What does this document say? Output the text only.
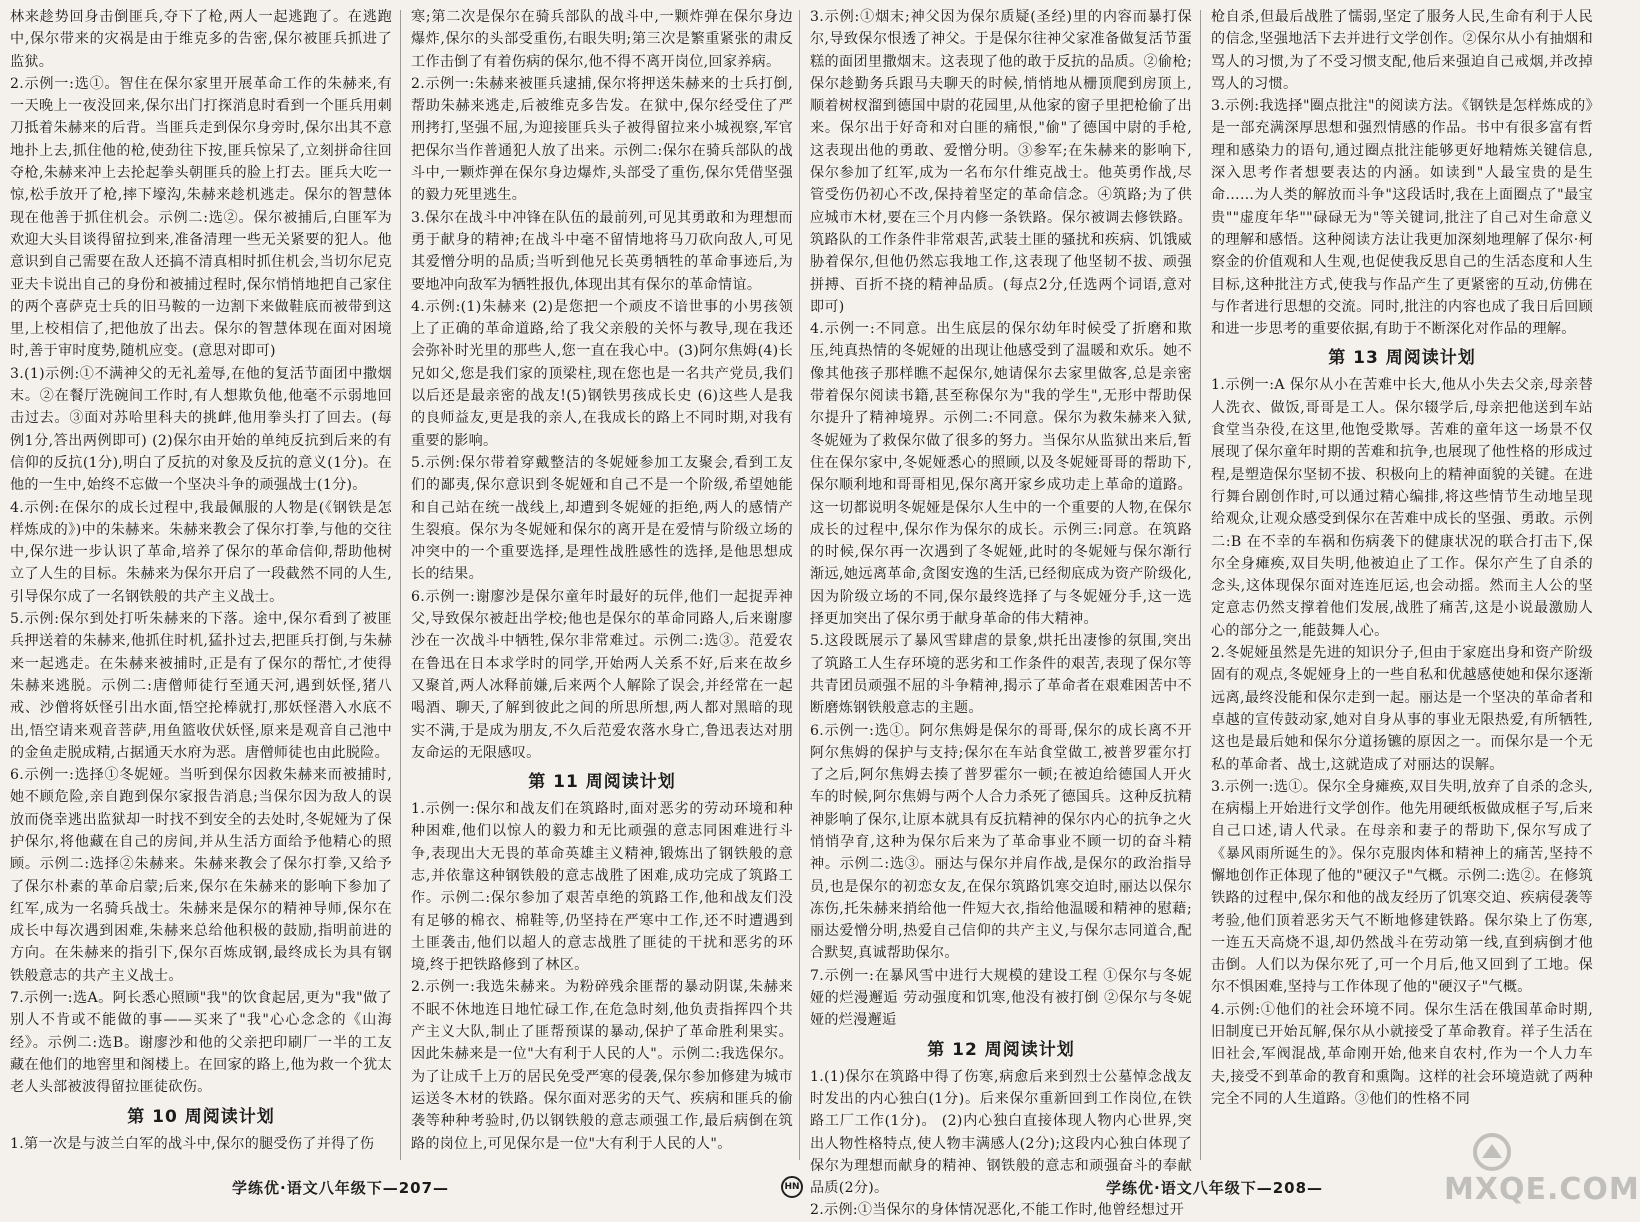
林来趁势回身击倒匪兵,夺下了枪,两人一起逃跑了。在逃跑中,保尔带来的灾祸是由于维克多的告密,保尔被匪兵抓进了监狱。

2.示例一:选①。智住在保尔家里开展革命工作的朱赫来,有一天晚上一夜没回来,保尔出门打探消息时看到一个匪兵用刺刀抵着朱赫来的后背。当匪兵走到保尔身旁时,保尔出其不意地扑上去,抓住他的枪,使劲往下按,匪兵惊呆了,立刻拼命往回夺枪,朱赫来冲上去抡起拳头朝匪兵的脸上打去。匪兵大吃一惊,松手放开了枪,摔下壕沟,朱赫来趁机逃走。保尔的智慧体现在他善于抓住机会。示例二:选②。保尔被捕后,白匪军为欢迎大头目谈得留拉到来,准备清理一些无关紧要的犯人。他意识到自己需要在敌人还搞不清真相时抓住机会,当切尔尼克亚夫卡说出自己的身份和被捕过程时,保尔悄悄地把自己家住的两个喜萨克士兵的旧马鞍的一边割下来做鞋底而被带到这里,上校相信了,把他放了出去。保尔的智慧体现在面对困境时,善于审时度势,随机应变。(意思对即可)

3.(1)示例:①不满神父的无礼羞辱,在他的复活节面团中撒烟末。②在餐厅洗碗间工作时,有人想欺负他,他毫不示弱地回击过去。③面对苏哈里科夫的挑衅,他用拳头打了回去。(每例1分,答出两例即可) (2)保尔由开始的单纯反抗到后来的有信仰的反抗(1分),明白了反抗的对象及反抗的意义(1分)。在他的一生中,始终不忘做一个坚决斗争的顽强战士(1分)。

4.示例:在保尔的成长过程中,我最佩服的人物是(《钢铁是怎样炼成的》)中的朱赫来。朱赫来教会了保尔打拳,与他的交往中,保尔进一步认识了革命,培养了保尔的革命信仰,帮助他树立了人生的目标。朱赫来为保尔开启了一段截然不同的人生,引导保尔成了一名钢铁般的共产主义战士。

5.示例:保尔到处打听朱赫来的下落。途中,保尔看到了被匪兵押送着的朱赫来,他抓住时机,猛扑过去,把匪兵打倒,与朱赫来一起逃走。在朱赫来被捕时,正是有了保尔的帮忙,才使得朱赫来逃脱。示例二:唐僧师徒行至通天河,遇到妖怪,猪八戒、沙僧将妖怪引出水面,悟空抡棒就打,那妖怪潜入水底不出,悟空请来观音菩萨,用鱼篮收伏妖怪,原来是观音自己池中的金鱼走脱成精,占据通天水府为恶。唐僧师徒也由此脱险。

6.示例一:选择①冬妮娅。当听到保尔因救朱赫来而被捕时,她不顾危险,亲自跑到保尔家报告消息;当保尔因为敌人的误放而侥幸逃出监狱却一时找不到安全的去处时,冬妮娅为了保护保尔,将他藏在自己的房间,并从生活方面给予他精心的照顾。示例二:选择②朱赫来。朱赫来教会了保尔打拳,又给予了保尔朴素的革命启蒙;后来,保尔在朱赫来的影响下参加了红军,成为一名骑兵战士。朱赫来是保尔的精神导师,保尔在成长中每次遇到困难,朱赫来总给他积极的鼓励,指明前进的方向。在朱赫来的指引下,保尔百炼成钢,最终成长为具有钢铁般意志的共产主义战士。

7.示例一:选A。阿长悉心照顾"我"的饮食起居,更为"我"做了别人不肯或不能做的事——买来了"我"心心念念的《山海经》。示例二:选B。谢廖沙和他的父亲把印刷厂一半的工友藏在他们的地窖里和阁楼上。在回家的路上,他为救一个犹太老人头部被波得留拉匪徒砍伤。

第 10 周阅读计划

1.第一次是与波兰白军的战斗中,保尔的腿受伤了并得了伤

寒;第二次是保尔在骑兵部队的战斗中,一颗炸弹在保尔身边爆炸,保尔的头部受重伤,右眼失明;第三次是繁重紧张的肃反工作击倒了有着伤病的保尔,他不得不离开岗位,回家养病。

2.示例一:朱赫来被匪兵逮捕,保尔将押送朱赫来的士兵打倒,帮助朱赫来逃走,后被维克多告发。在狱中,保尔经受住了严刑拷打,坚强不屈,为迎接匪兵头子被得留拉来小城视察,军官把保尔当作普通犯人放了出来。示例二:保尔在骑兵部队的战斗中,一颗炸弹在保尔身边爆炸,头部受了重伤,保尔凭借坚强的毅力死里逃生。

3.保尔在战斗中冲锋在队伍的最前列,可见其勇敢和为理想而勇于献身的精神;在战斗中毫不留情地将马刀砍向敌人,可见其爱憎分明的品质;当听到他兄长英勇牺牲的革命事迹后,为要地冲向敌军为牺牲报仇,体现出其有保尔的革命情谊。

4.示例:(1)朱赫来 (2)是您把一个顽皮不谙世事的小男孩领上了正确的革命道路,给了我父亲般的关怀与教导,现在我还会弥补时光里的那些人,您一直在我心中。(3)阿尔焦姆(4)长兄如父,您是我们家的顶梁柱,现在您也是一名共产党员,我们以后还是最亲密的战友!(5)钢铁男孩成长史 (6)这些人是我的良师益友,更是我的亲人,在我成长的路上不同时期,对我有重要的影响。

5.示例:保尔带着穿戴整洁的冬妮娅参加工友聚会,看到工友们的鄙夷,保尔意识到冬妮娅和自己不是一个阶级,希望她能和自己站在统一战线上,却遭到冬妮娅的拒绝,两人的感情产生裂痕。保尔为冬妮娅和保尔的离开是在爱情与阶级立场的冲突中的一个重要选择,是理性战胜感性的选择,是他思想成长的结果。

6.示例一:谢廖沙是保尔童年时最好的玩伴,他们一起捉弄神父,导致保尔被赶出学校;他也是保尔的革命同路人,后来谢廖沙在一次战斗中牺牲,保尔非常难过。示例二:选③。范爱农在鲁迅在日本求学时的同学,开始两人关系不好,后来在故乡又聚首,两人冰释前嫌,后来两个人解除了误会,并经常在一起喝酒、聊天,了解到彼此之间的所思所想,两人都对黑暗的现实不满,于是成为朋友,不久后范爱农落水身亡,鲁迅表达对朋友命运的无限感叹。

第 11 周阅读计划

1.示例一:保尔和战友们在筑路时,面对恶劣的劳动环境和种种困难,他们以惊人的毅力和无比顽强的意志同困难进行斗争,表现出大无畏的革命英雄主义精神,锻炼出了钢铁般的意志,并依靠这种钢铁般的意志战胜了困难,成功完成了筑路工作。示例二:保尔参加了艰苦卓绝的筑路工作,他和战友们没有足够的棉衣、棉鞋等,仍坚持在严寒中工作,还不时遭遇到土匪袭击,他们以超人的意志战胜了匪徒的干扰和恶劣的环境,终于把铁路修到了林区。

2.示例一:我选朱赫来。为粉碎残余匪帮的暴动阴谋,朱赫来不眠不休地连日地忙碌工作,在危急时刻,他负责指挥四个共产主义大队,制止了匪帮预谋的暴动,保护了革命胜利果实。因此朱赫来是一位"大有利于人民的人"。示例二:我选保尔。为了让成千上万的居民免受严寒的侵袭,保尔参加修建为城市运送冬木材的铁路。保尔面对恶劣的天气、疾病和匪兵的偷袭等种种考验时,仍以钢铁般的意志顽强工作,最后病倒在筑路的岗位上,可见保尔是一位"大有利于人民的人"。

3.示例:①烟末;神父因为保尔质疑(圣经)里的内容而暴打保尔,导致保尔恨透了神父。于是保尔往神父家准备做复活节蛋糕的面团里撒烟末。这表现了他的敢于反抗的品质。②偷枪;保尔趁勤务兵跟马夫聊天的时候,悄悄地从栅顶爬到房顶上,顺着树杈溜到德国中尉的花园里,从他家的窗子里把枪偷了出来。保尔出于好奇和对白匪的痛恨,"偷"了德国中尉的手枪,这表现出他的勇敢、爱憎分明。③参军;在朱赫来的影响下,保尔参加了红军,成为一名布尔什维克战士。他英勇作战,尽管受伤仍初心不改,保持着坚定的革命信念。④筑路;为了供应城市木材,要在三个月内修一条铁路。保尔被调去修铁路。筑路队的工作条件非常艰苦,武装土匪的骚扰和疾病、饥饿威胁着保尔,但他仍然忘我地工作,这表现了他坚韧不拔、顽强拼搏、百折不挠的精神品质。(每点2分,任选两个词语,意对即可)

4.示例一:不同意。出生底层的保尔幼年时候受了折磨和欺压,纯真热情的冬妮娅的出现让他感受到了温暖和欢乐。她不像其他孩子那样瞧不起保尔,她请保尔去家里做客,总是亲密带着保尔阅读书籍,甚至称保尔为"我的学生",无形中帮助保尔提升了精神境界。示例二:不同意。保尔为救朱赫来入狱,冬妮娅为了救保尔做了很多的努力。当保尔从监狱出来后,暂住在保尔家中,冬妮娅悉心的照顾,以及冬妮娅哥哥的帮助下,保尔顺利地和哥哥相见,保尔离开家乡成功走上革命的道路。这一切都说明冬妮娅是保尔人生中的一个重要的人物,在保尔成长的过程中,保尔作为保尔的成长。示例三:同意。在筑路的时候,保尔再一次遇到了冬妮娅,此时的冬妮娅与保尔渐行渐远,她远离革命,贪图安逸的生活,已经彻底成为资产阶级化,因为阶级立场的不同,保尔最终选择了与冬妮娅分手,这一选择更加突出了保尔勇于献身革命的伟大精神。

5.这段既展示了暴风雪肆虐的景象,烘托出凄惨的氛围,突出了筑路工人生存环境的恶劣和工作条件的艰苦,表现了保尔等共青团员顽强不屈的斗争精神,揭示了革命者在艰难困苦中不断磨炼钢铁般意志的主题。

6.示例一:选①。阿尔焦姆是保尔的哥哥,保尔的成长离不开阿尔焦姆的保护与支持;保尔在车站食堂做工,被普罗霍尔打了之后,阿尔焦姆去揍了普罗霍尔一顿;在被迫给德国人开火车的时候,阿尔焦姆与两个人合力杀死了德国兵。这种反抗精神影响了保尔,让原本就具有反抗精神的保尔内心的抗争之火悄悄孕育,这种为保尔后来为了革命事业不顾一切的奋斗精神。示例二:选③。丽达与保尔并肩作战,是保尔的政治指导员,也是保尔的初恋女友,在保尔筑路饥寒交迫时,丽达以保尔冻伤,托朱赫来捎给他一件短大衣,指给他温暖和精神的慰藉;丽达爱憎分明,热爱自己信仰的共产主义,与保尔志同道合,配合默契,真诚帮助保尔。

7.示例一:在暴风雪中进行大规模的建设工程 ①保尔与冬妮娅的烂漫邂逅 劳动强度和饥寒,他没有被打倒 ②保尔与冬妮娅的烂漫邂逅

第 12 周阅读计划

1.(1)保尔在筑路中得了伤寒,病愈后来到烈士公墓悼念战友时发出的内心独白(1分)。后来保尔重新回到工作岗位,在铁路工厂工作(1分)。 (2)内心独白直接体现人物内心世界,突出人物性格特点,使人物丰满感人(2分);这段内心独白体现了保尔为理想而献身的精神、钢铁般的意志和顽强奋斗的奉献品质(2分)。

2.示例:①当保尔的身体情况恶化,不能工作时,他曾经想过开

枪自杀,但最后战胜了懦弱,坚定了服务人民,生命有利于人民的信念,坚强地活下去并进行文学创作。②保尔从小有抽烟和骂人的习惯,为了不受习惯支配,他后来强迫自己戒烟,并改掉骂人的习惯。

3.示例:我选择"圈点批注"的阅读方法。《钢铁是怎样炼成的》是一部充满深厚思想和强烈情感的作品。书中有很多富有哲理和感染力的语句,通过圈点批注能够更好地精炼关键信息,深入思考作者想要表达的内涵。如读到"人最宝贵的是生命……为人类的解放而斗争"这段话时,我在上面圈点了"最宝贵""虚度年华""碌碌无为"等关键词,批注了自己对生命意义的理解和感悟。这种阅读方法让我更加深刻地理解了保尔·柯察金的价值观和人生观,也促使我反思自己的生活态度和人生目标,这种批注方式,使我与作品产生了更紧密的互动,仿佛在与作者进行思想的交流。同时,批注的内容也成了我日后回顾和进一步思考的重要依据,有助于不断深化对作品的理解。

第 13 周阅读计划

1.示例一:A 保尔从小在苦难中长大,他从小失去父亲,母亲替人洗衣、做饭,哥哥是工人。保尔辍学后,母亲把他送到车站食堂当杂役,在这里,他饱受欺辱。苦难的童年这一场景不仅展现了保尔童年时期的苦难和抗争,也展现了他性格的形成过程,是塑造保尔坚韧不拔、积极向上的精神面貌的关键。在进行舞台剧创作时,可以通过精心编排,将这些情节生动地呈现给观众,让观众感受到保尔在苦难中成长的坚强、勇敢。示例二:B 在不幸的车祸和伤病袭下的健康状况的联合打击下,保尔全身瘫痪,双目失明,他被迫止了工作。保尔产生了自杀的念头,这体现保尔面对连连厄运,也会动摇。然而主人公的坚定意志仍然支撑着他们发展,战胜了痛苦,这是小说最激励人心的部分之一,能鼓舞人心。

2.冬妮娅虽然是先进的知识分子,但由于家庭出身和资产阶级固有的观点,冬妮娅身上的一些自私和优越感使她和保尔逐渐远离,最终没能和保尔走到一起。丽达是一个坚决的革命者和卓越的宣传鼓动家,她对自身从事的事业无限热爱,有所牺牲,这也是最后她和保尔分道扬镳的原因之一。而保尔是一个无私的革命者、战士,这就造成了对丽达的误解。

3.示例一:选①。保尔全身瘫痪,双目失明,放弃了自杀的念头,在病榻上开始进行文学创作。他先用硬纸板做成框子写,后来自己口述,请人代录。在母亲和妻子的帮助下,保尔写成了《暴风雨所诞生的》。保尔克服肉体和精神上的痛苦,坚持不懈地创作正体现了他的"硬汉子"气概。示例二:选②。在修筑铁路的过程中,保尔和他的战友经历了饥寒交迫、疾病侵袭等考验,他们顶着恶劣天气不断地修建铁路。保尔染上了伤寒,一连五天高烧不退,却仍然战斗在劳动第一线,直到病倒才他击倒。人们以为保尔死了,可一个月后,他又回到了工地。保尔不惧困难,坚持与工作体现了他的"硬汉子"气概。

4.示例:①他们的社会环境不同。保尔生活在俄国革命时期,旧制度已开始瓦解,保尔从小就接受了革命教育。祥子生活在旧社会,军阀混战,革命刚开始,他来自农村,作为一个人力车夫,接受不到革命的教育和熏陶。这样的社会环境造就了两种完全不同的人生道路。③他们的性格不同

学练优·语文八年级下—207—	HN	学练优·语文八年级下—208—	MXQE.COM
